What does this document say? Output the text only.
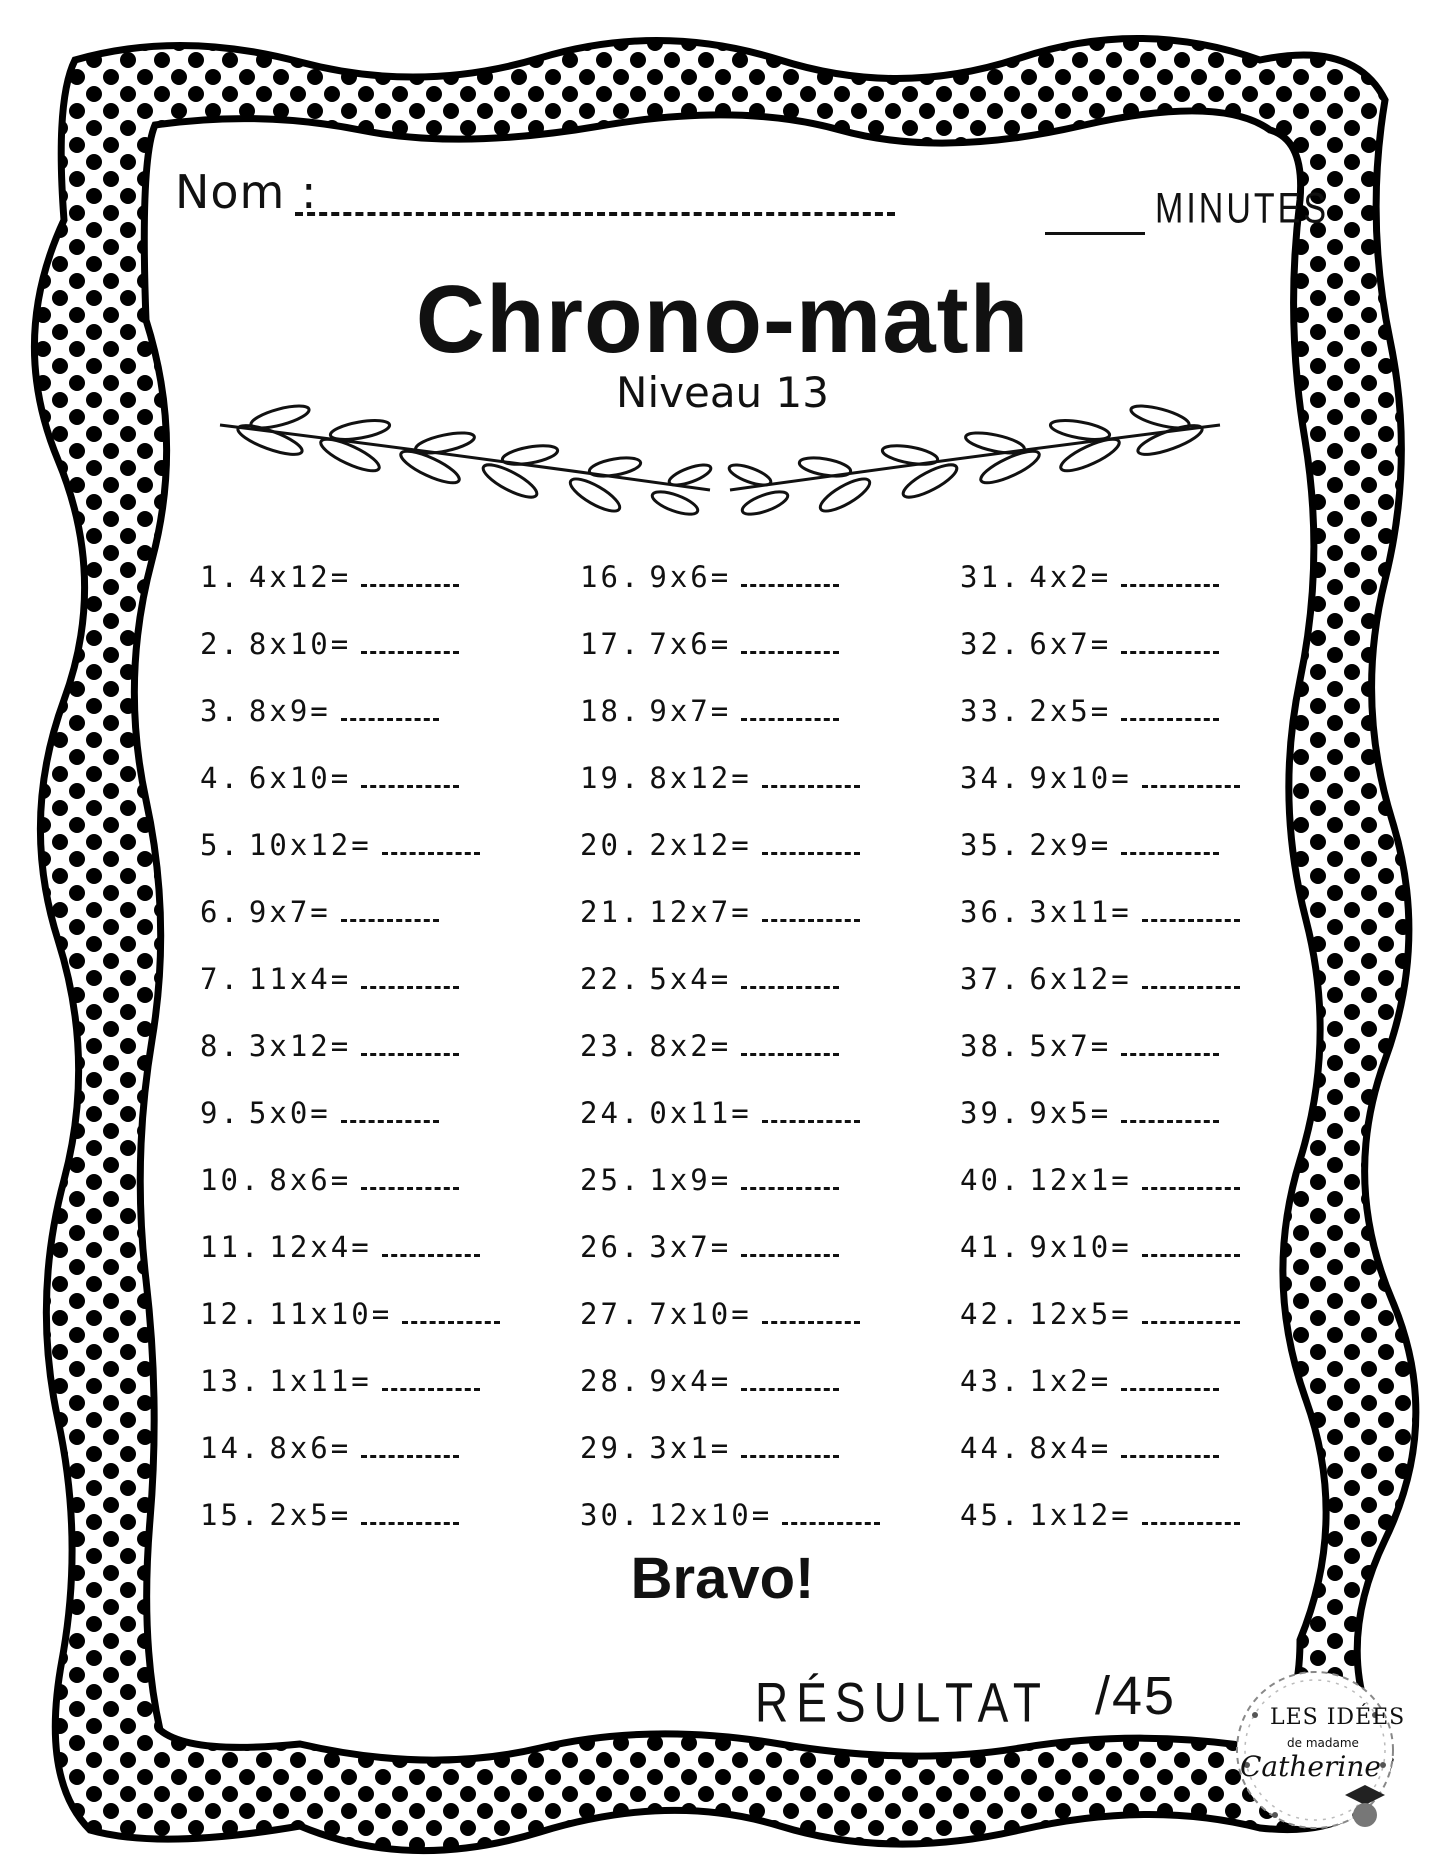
Nom :	MINUTES
Chrono-math
Niveau 13
1. 4x12=
2. 8x10=
3. 8x9=
4. 6x10=
5. 10x12=
6. 9x7=
7. 11x4=
8. 3x12=
9. 5x0=
10. 8x6=
11. 12x4=
12. 11x10=
13. 1x11=
14. 8x6=
15. 2x5=
16. 9x6=
17. 7x6=
18. 9x7=
19. 8x12=
20. 2x12=
21. 12x7=
22. 5x4=
23. 8x2=
24. 0x11=
25. 1x9=
26. 3x7=
27. 7x10=
28. 9x4=
29. 3x1=
30. 12x10=
31. 4x2=
32. 6x7=
33. 2x5=
34. 9x10=
35. 2x9=
36. 3x11=
37. 6x12=
38. 5x7=
39. 9x5=
40. 12x1=
41. 9x10=
42. 12x5=
43. 1x2=
44. 8x4=
45. 1x12=
Bravo!
RÉSULTAT /45	LES IDÉES
de madame
Catherine
